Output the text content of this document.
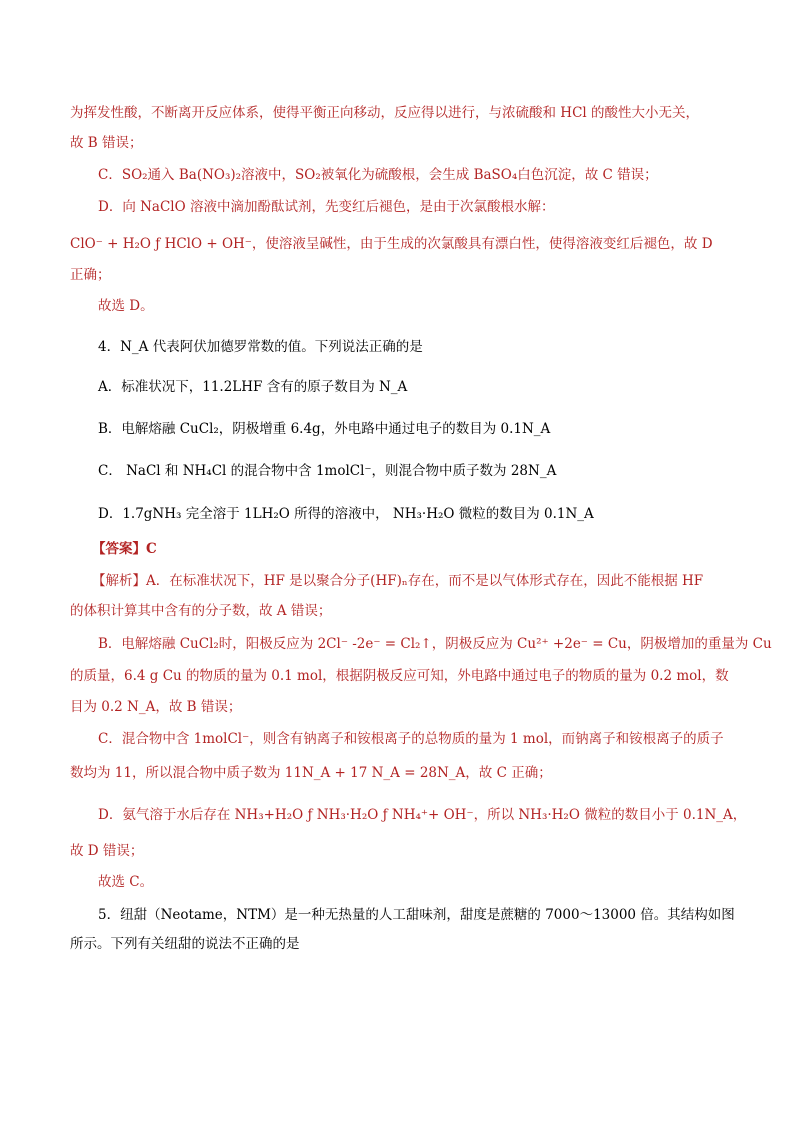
为挥发性酸，不断离开反应体系，使得平衡正向移动，反应得以进行，与浓硫酸和 HCl 的酸性大小无关，
故 B 错误；
C．SO₂通入 Ba(NO₃)₂溶液中，SO₂被氧化为硫酸根，会生成 BaSO₄白色沉淀，故 C 错误；
D．向 NaClO 溶液中滴加酚酞试剂，先变红后褪色，是由于次氯酸根水解：
ClO⁻ + H₂O ƒ HClO + OH⁻，使溶液呈碱性，由于生成的次氯酸具有漂白性，使得溶液变红后褪色，故 D
正确；
故选 D。
4．N_A 代表阿伏加德罗常数的值。下列说法正确的是
A．标准状况下，11.2LHF 含有的原子数目为 N_A
B．电解熔融 CuCl₂，阴极增重 6.4g，外电路中通过电子的数目为 0.1N_A
C． NaCl 和 NH₄Cl 的混合物中含 1molCl⁻，则混合物中质子数为 28N_A
D．1.7gNH₃ 完全溶于 1LH₂O 所得的溶液中， NH₃·H₂O 微粒的数目为 0.1N_A
【答案】C
【解析】A．在标准状况下，HF 是以聚合分子(HF)ₙ存在，而不是以气体形式存在，因此不能根据 HF
的体积计算其中含有的分子数，故 A 错误；
B．电解熔融 CuCl₂时，阳极反应为 2Cl⁻ -2e⁻ = Cl₂↑，阴极反应为 Cu²⁺ +2e⁻ = Cu，阴极增加的重量为 Cu
的质量，6.4 g Cu 的物质的量为 0.1 mol，根据阴极反应可知，外电路中通过电子的物质的量为 0.2 mol，数
目为 0.2 N_A，故 B 错误；
C．混合物中含 1molCl⁻，则含有钠离子和铵根离子的总物质的量为 1 mol，而钠离子和铵根离子的质子
数均为 11，所以混合物中质子数为 11N_A + 17 N_A = 28N_A，故 C 正确；
D．氨气溶于水后存在 NH₃+H₂O ƒ NH₃·H₂O ƒ NH₄⁺+ OH⁻，所以 NH₃·H₂O 微粒的数目小于 0.1N_A，
故 D 错误；
故选 C。
5．纽甜（Neotame，NTM）是一种无热量的人工甜味剂，甜度是蔗糖的 7000～13000 倍。其结构如图
所示。下列有关纽甜的说法不正确的是
